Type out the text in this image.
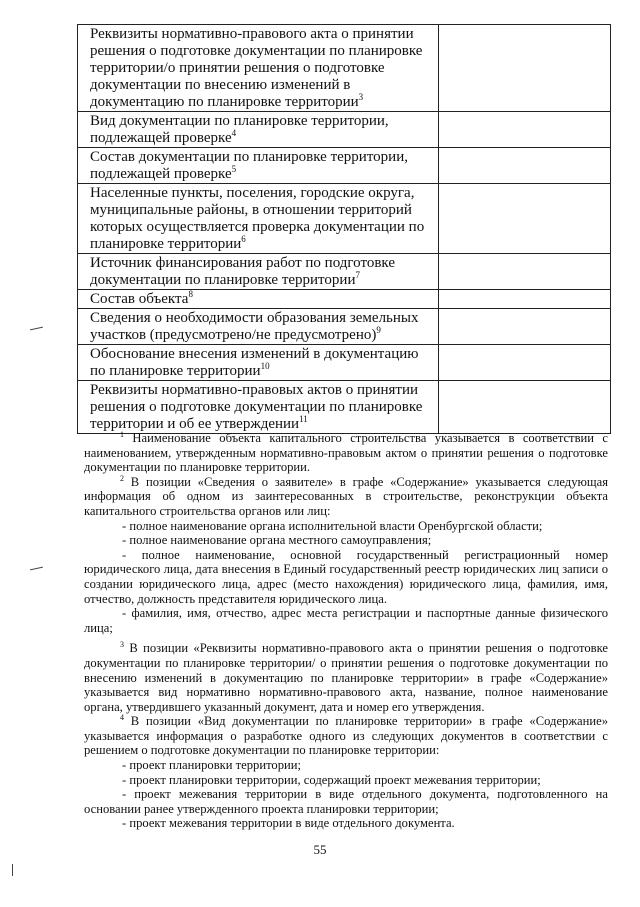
Реквизиты нормативно-правового акта о принятии решения о подготовке документации по планировке территории/о принятии решения о подготовке документации по внесению изменений в документацию по планировке территории$^3$	
Вид документации по планировке территории, подлежащей проверке$^4$	
Состав документации по планировке территории, подлежащей проверке$^5$	
Населенные пункты, поселения, городские округа, муниципальные районы, в отношении территорий которых осуществляется проверка документации по планировке территории$^6$	
Источник финансирования работ по подготовке документации по планировке территории$^7$	
Состав объекта$^8$	
Сведения о необходимости образования земельных участков (предусмотрено/не предусмотрено)$^9$	
Обоснование внесения изменений в документацию по планировке территории$^{10}$	
Реквизиты нормативно-правовых актов о принятии решения о подготовке документации по планировке территории и об ее утверждении$^{11}$	

$^1$ Наименование объекта капитального строительства указывается в соответствии с наименованием, утвержденным нормативно-правовым актом о принятии решения о подготовке документации по планировке территории.

$^2$ В позиции «Сведения о заявителе» в графе «Содержание» указывается следующая информация об одном из заинтересованных в строительстве, реконструкции объекта капитального строительства органов или лиц:

- полное наименование органа исполнительной власти Оренбургской области;

- полное наименование органа местного самоуправления;

- полное наименование, основной государственный регистрационный номер юридического лица, дата внесения в Единый государственный реестр юридических лиц записи о создании юридического лица, адрес (место нахождения) юридического лица, фамилия, имя, отчество, должность представителя юридического лица.

- фамилия, имя, отчество, адрес места регистрации и паспортные данные физического лица;

$^3$ В позиции «Реквизиты нормативно-правового акта о принятии решения о подготовке документации по планировке территории/ о принятии решения о подготовке документации по внесению изменений в документацию по планировке территории» в графе «Содержание» указывается вид нормативно нормативно-правового акта, название, полное наименование органа, утвердившего указанный документ, дата и номер его утверждения.

$^4$ В позиции «Вид документации по планировке территории» в графе «Содержание» указывается информация о разработке одного из следующих документов в соответствии с решением о подготовке документации по планировке территории:

- проект планировки территории;

- проект планировки территории, содержащий проект межевания территории;

- проект межевания территории в виде отдельного документа, подготовленного на основании ранее утвержденного проекта планировки территории;

- проект межевания территории в виде отдельного документа.

55
